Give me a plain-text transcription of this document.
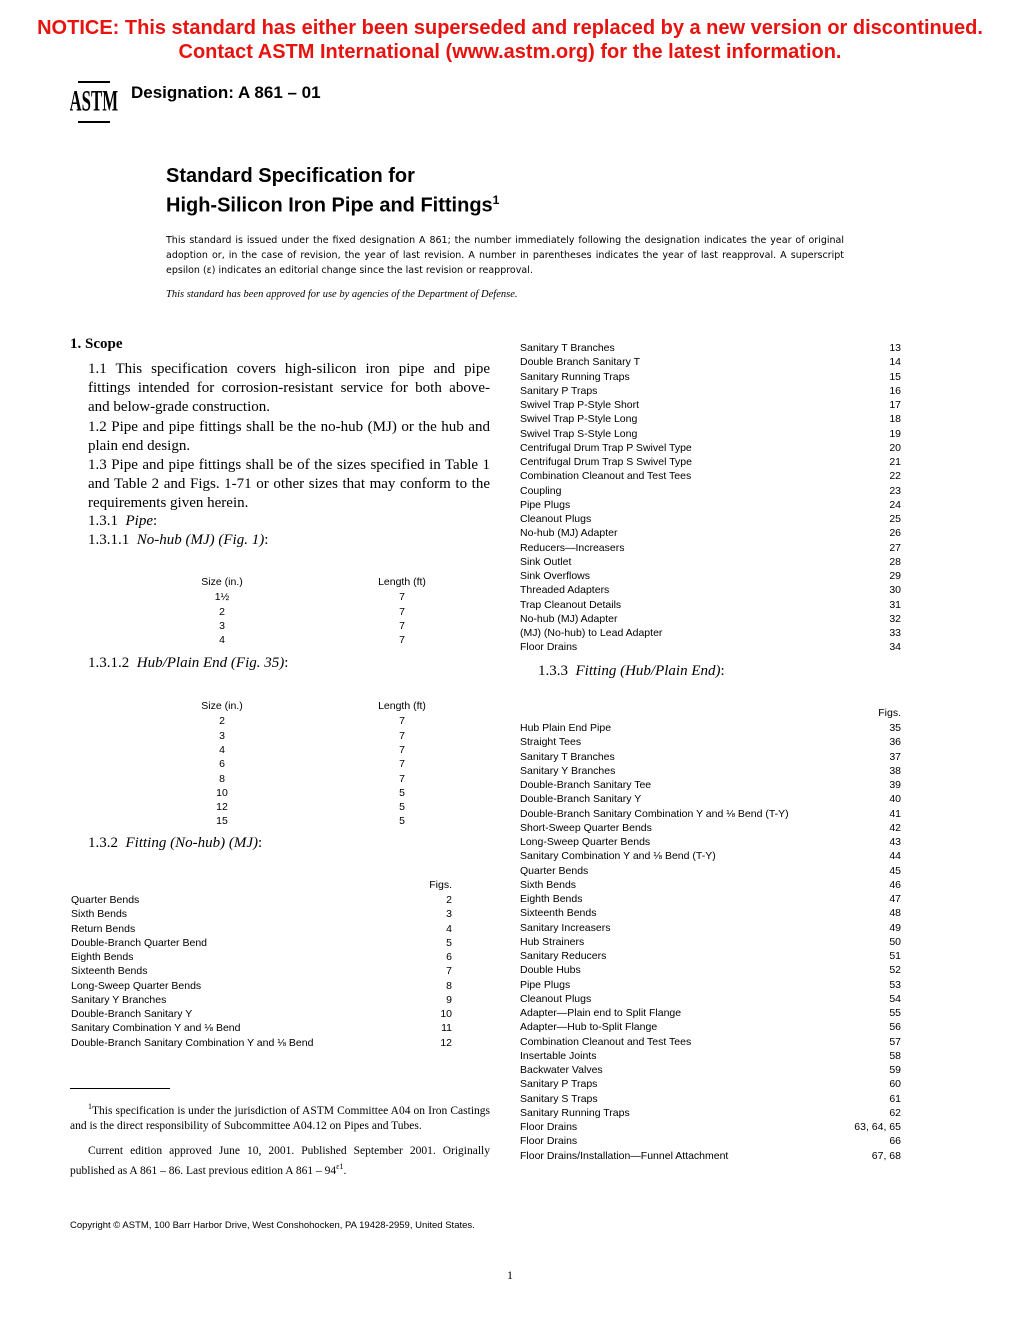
NOTICE: This standard has either been superseded and replaced by a new version or discontinued.
Contact ASTM International (www.astm.org) for the latest information.
ASTM Designation: A 861 – 01
Standard Specification for
High-Silicon Iron Pipe and Fittings$^1$
This standard is issued under the fixed designation A 861; the number immediately following the designation indicates the year of original adoption or, in the case of revision, the year of last revision. A number in parentheses indicates the year of last reapproval. A superscript epsilon (ε) indicates an editorial change since the last revision or reapproval.
This standard has been approved for use by agencies of the Department of Defense.
1. Scope
1.1 This specification covers high-silicon iron pipe and pipe fittings intended for corrosion-resistant service for both above- and below-grade construction.
1.2 Pipe and pipe fittings shall be the no-hub (MJ) or the hub and plain end design.
1.3 Pipe and pipe fittings shall be of the sizes specified in Table 1 and Table 2 and Figs. 1-71 or other sizes that may conform to the requirements given herein.
1.3.1 Pipe:
1.3.1.1 No-hub (MJ) (Fig. 1):
Size (in.)	Length (ft)
1½	7
2	7
3	7
4	7
1.3.1.2 Hub/Plain End (Fig. 35):
Size (in.)	Length (ft)
2	7
3	7
4	7
6	7
8	7
10	5
12	5
15	5
1.3.2 Fitting (No-hub) (MJ):
Figs.
Quarter Bends	2
Sixth Bends	3
Return Bends	4
Double-Branch Quarter Bend	5
Eighth Bends	6
Sixteenth Bends	7
Long-Sweep Quarter Bends	8
Sanitary Y Branches	9
Double-Branch Sanitary Y	10
Sanitary Combination Y and ⅛ Bend	11
Double-Branch Sanitary Combination Y and ⅛ Bend	12
Sanitary T Branches	13
Double Branch Sanitary T	14
Sanitary Running Traps	15
Sanitary P Traps	16
Swivel Trap P-Style Short	17
Swivel Trap P-Style Long	18
Swivel Trap S-Style Long	19
Centrifugal Drum Trap P Swivel Type	20
Centrifugal Drum Trap S Swivel Type	21
Combination Cleanout and Test Tees	22
Coupling	23
Pipe Plugs	24
Cleanout Plugs	25
No-hub (MJ) Adapter	26
Reducers—Increasers	27
Sink Outlet	28
Sink Overflows	29
Threaded Adapters	30
Trap Cleanout Details	31
No-hub (MJ) Adapter	32
(MJ) (No-hub) to Lead Adapter	33
Floor Drains	34
1.3.3 Fitting (Hub/Plain End):
Figs.
Hub Plain End Pipe	35
Straight Tees	36
Sanitary T Branches	37
Sanitary Y Branches	38
Double-Branch Sanitary Tee	39
Double-Branch Sanitary Y	40
Double-Branch Sanitary Combination Y and ⅛ Bend (T-Y)	41
Short-Sweep Quarter Bends	42
Long-Sweep Quarter Bends	43
Sanitary Combination Y and ⅛ Bend (T-Y)	44
Quarter Bends	45
Sixth Bends	46
Eighth Bends	47
Sixteenth Bends	48
Sanitary Increasers	49
Hub Strainers	50
Sanitary Reducers	51
Double Hubs	52
Pipe Plugs	53
Cleanout Plugs	54
Adapter—Plain end to Split Flange	55
Adapter—Hub to-Split Flange	56
Combination Cleanout and Test Tees	57
Insertable Joints	58
Backwater Valves	59
Sanitary P Traps	60
Sanitary S Traps	61
Sanitary Running Traps	62
Floor Drains	63, 64, 65
Floor Drains	66
Floor Drains/Installation—Funnel Attachment	67, 68
$^1$This specification is under the jurisdiction of ASTM Committee A04 on Iron Castings and is the direct responsibility of Subcommittee A04.12 on Pipes and Tubes.
Current edition approved June 10, 2001. Published September 2001. Originally published as A 861 – 86. Last previous edition A $861 - 94^{\varepsilon 1}$.
Copyright © ASTM, 100 Barr Harbor Drive, West Conshohocken, PA 19428-2959, United States.
1
